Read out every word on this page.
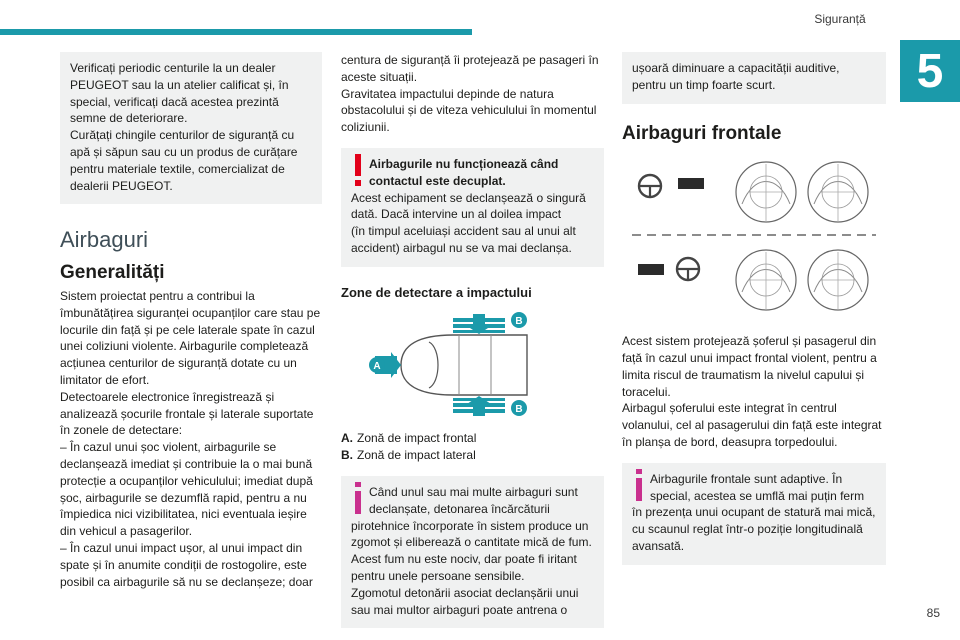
Siguranță
5
85

Verificați periodic centurile la un dealer PEUGEOT sau la un atelier calificat și, în special, verificați dacă acestea prezintă semne de deteriorare.
Curățați chingile centurilor de siguranță cu apă și săpun sau cu un produs de curățare pentru materiale textile, comercializat de dealerii PEUGEOT.

Airbaguri
Generalități

Sistem proiectat pentru a contribui la îmbunătățirea siguranței ocupanților care stau pe locurile din față și pe cele laterale spate în cazul unei coliziuni violente. Airbagurile completează acțiunea centurilor de siguranță dotate cu un limitator de efort.
Detectoarele electronice înregistrează și analizează șocurile frontale și laterale suportate în zonele de detectare:
– În cazul unui șoc violent, airbagurile se declanșează imediat și contribuie la o mai bună protecție a ocupanților vehiculului; imediat după șoc, airbagurile se dezumflă rapid, pentru a nu împiedica nici vizibilitatea, nici eventuala ieșire din vehicul a pasagerilor.
– În cazul unui impact ușor, al unui impact din spate și în anumite condiții de rostogolire, este posibil ca airbagurile să nu se declanșeze; doar

centura de siguranță îi protejează pe pasageri în aceste situații.
Gravitatea impactului depinde de natura obstacolului și de viteza vehiculului în momentul coliziunii.

Airbagurile nu funcționează când contactul este decuplat.

Acest echipament se declanșează o singură dată. Dacă intervine un al doilea impact
(în timpul aceluiași accident sau al unui alt accident) airbagul nu se va mai declanșa.

Zone de detectare a impactului
A
B
B
A. Zonă de impact frontal
B. Zonă de impact lateral

Când unul sau mai multe airbaguri sunt declanșate, detonarea încărcăturii

pirotehnice încorporate în sistem produce un zgomot și eliberează o cantitate mică de fum. Acest fum nu este nociv, dar poate fi iritant pentru unele persoane sensibile.
Zgomotul detonării asociat declanșării unui sau mai multor airbaguri poate antrena o

ușoară diminuare a capacității auditive, pentru un timp foarte scurt.

Airbaguri frontale

Acest sistem protejează șoferul și pasagerul din față în cazul unui impact frontal violent, pentru a limita riscul de traumatism la nivelul capului și toracelui.
Airbagul șoferului este integrat în centrul volanului, cel al pasagerului din față este integrat în planșa de bord, deasupra torpedoului.

Airbagurile frontale sunt adaptive. În special, acestea se umflă mai puțin ferm

în prezența unui ocupant de statură mai mică, cu scaunul reglat într-o poziție longitudinală avansată.
